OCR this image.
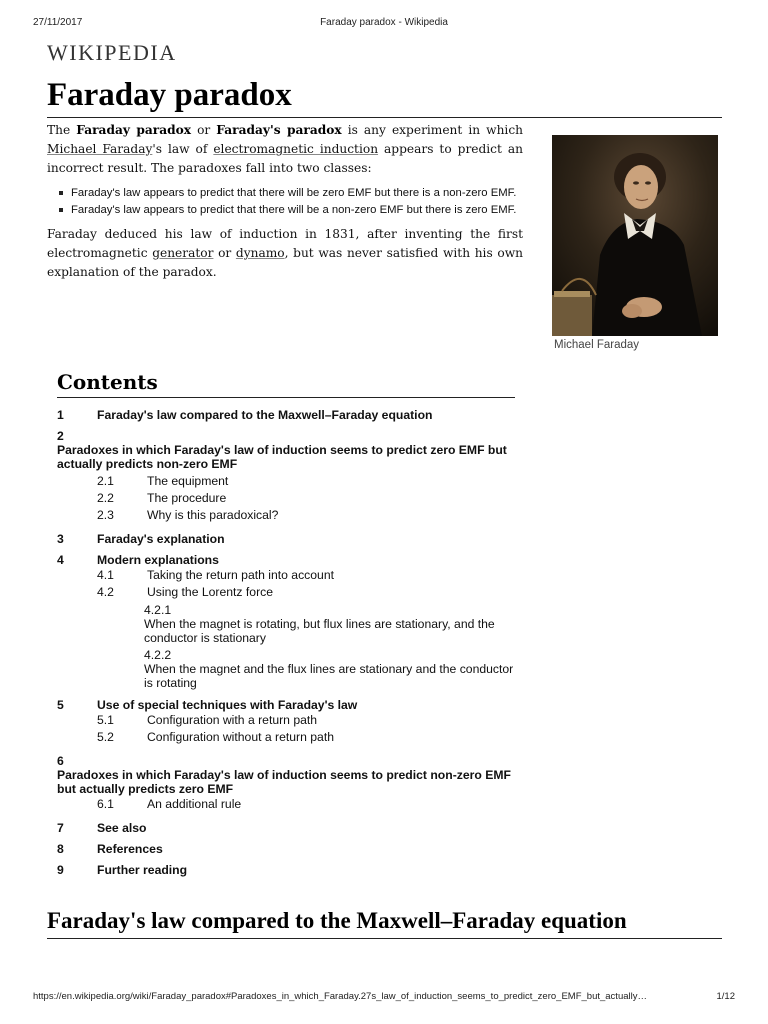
27/11/2017	Faraday paradox - Wikipedia
WIKIPEDIA
Faraday paradox

The Faraday paradox or Faraday's paradox is any experiment in which Michael Faraday's law of electromagnetic induction appears to predict an incorrect result. The paradoxes fall into two classes:

Faraday's law appears to predict that there will be zero EMF but there is a non-zero EMF.
Faraday's law appears to predict that there will be a non-zero EMF but there is zero EMF.

Faraday deduced his law of induction in 1831, after inventing the first electromagnetic generator or dynamo, but was never satisfied with his own explanation of the paradox.

Michael Faraday
Contents
1	Faraday's law compared to the Maxwell–Faraday equation
2
Paradoxes in which Faraday's law of induction seems to predict zero EMF but actually predicts non-zero EMF
2.1	The equipment
2.2	The procedure
2.3	Why is this paradoxical?
3	Faraday's explanation
4	Modern explanations
4.1	Taking the return path into account
4.2	Using the Lorentz force
4.2.1
When the magnet is rotating, but flux lines are stationary, and the conductor is stationary
4.2.2
When the magnet and the flux lines are stationary and the conductor is rotating
5	Use of special techniques with Faraday's law
5.1	Configuration with a return path
5.2	Configuration without a return path
6
Paradoxes in which Faraday's law of induction seems to predict non-zero EMF but actually predicts zero EMF
6.1	An additional rule
7	See also
8	References
9	Further reading
Faraday's law compared to the Maxwell–Faraday equation
https://en.wikipedia.org/wiki/Faraday_paradox#Paradoxes_in_which_Faraday.27s_law_of_induction_seems_to_predict_zero_EMF_but_actually…	1/12
